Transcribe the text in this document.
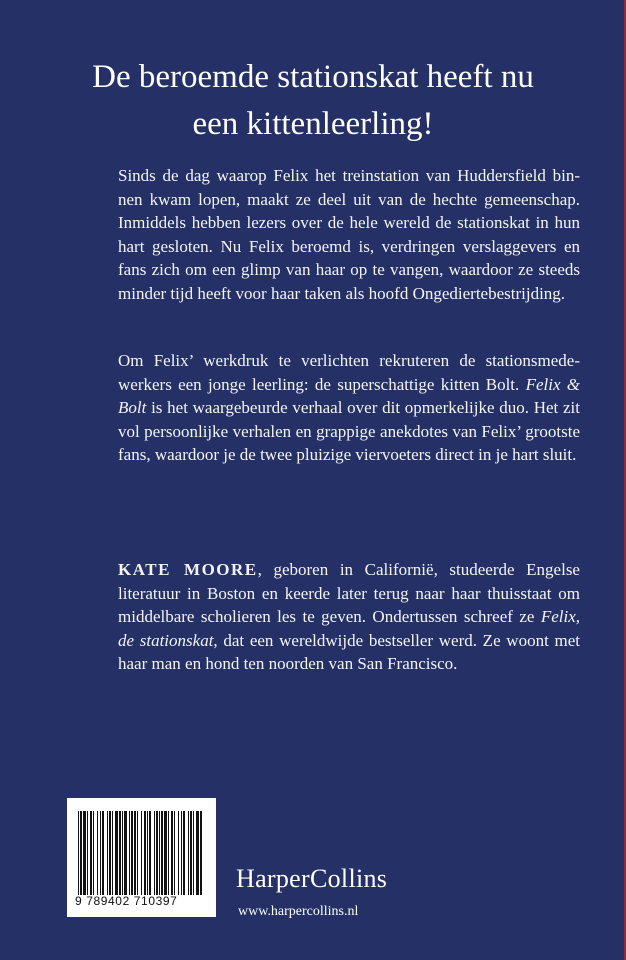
De beroemde stationskat heeft nu
een kittenleerling!

Sinds de dag waarop Felix het treinstation van Huddersfield bin- nen kwam lopen, maakt ze deel uit van de hechte gemeenschap. Inmiddels hebben lezers over de hele wereld de stationskat in hun hart gesloten. Nu Felix beroemd is, verdringen verslaggevers en fans zich om een glimp van haar op te vangen, waardoor ze steeds minder tijd heeft voor haar taken als hoofd Ongediertebestrijding.

Om Felix’ werkdruk te verlichten rekruteren de stationsmede- werkers een jonge leerling: de superschattige kitten Bolt. Felix & Bolt is het waargebeurde verhaal over dit opmerkelijke duo. Het zit vol persoonlijke verhalen en grappige anekdotes van Felix’ grootste fans, waardoor je de twee pluizige viervoeters direct in je hart sluit.

KATE MOORE, geboren in Californië, studeerde Engelse literatuur in Boston en keerde later terug naar haar thuisstaat om middelbare scholieren les te geven. Ondertussen schreef ze Felix, de stationskat, dat een wereldwijde bestseller werd. Ze woont met haar man en hond ten noorden van San Francisco.

9 789402 710397
HarperCollins
www.harpercollins.nl
